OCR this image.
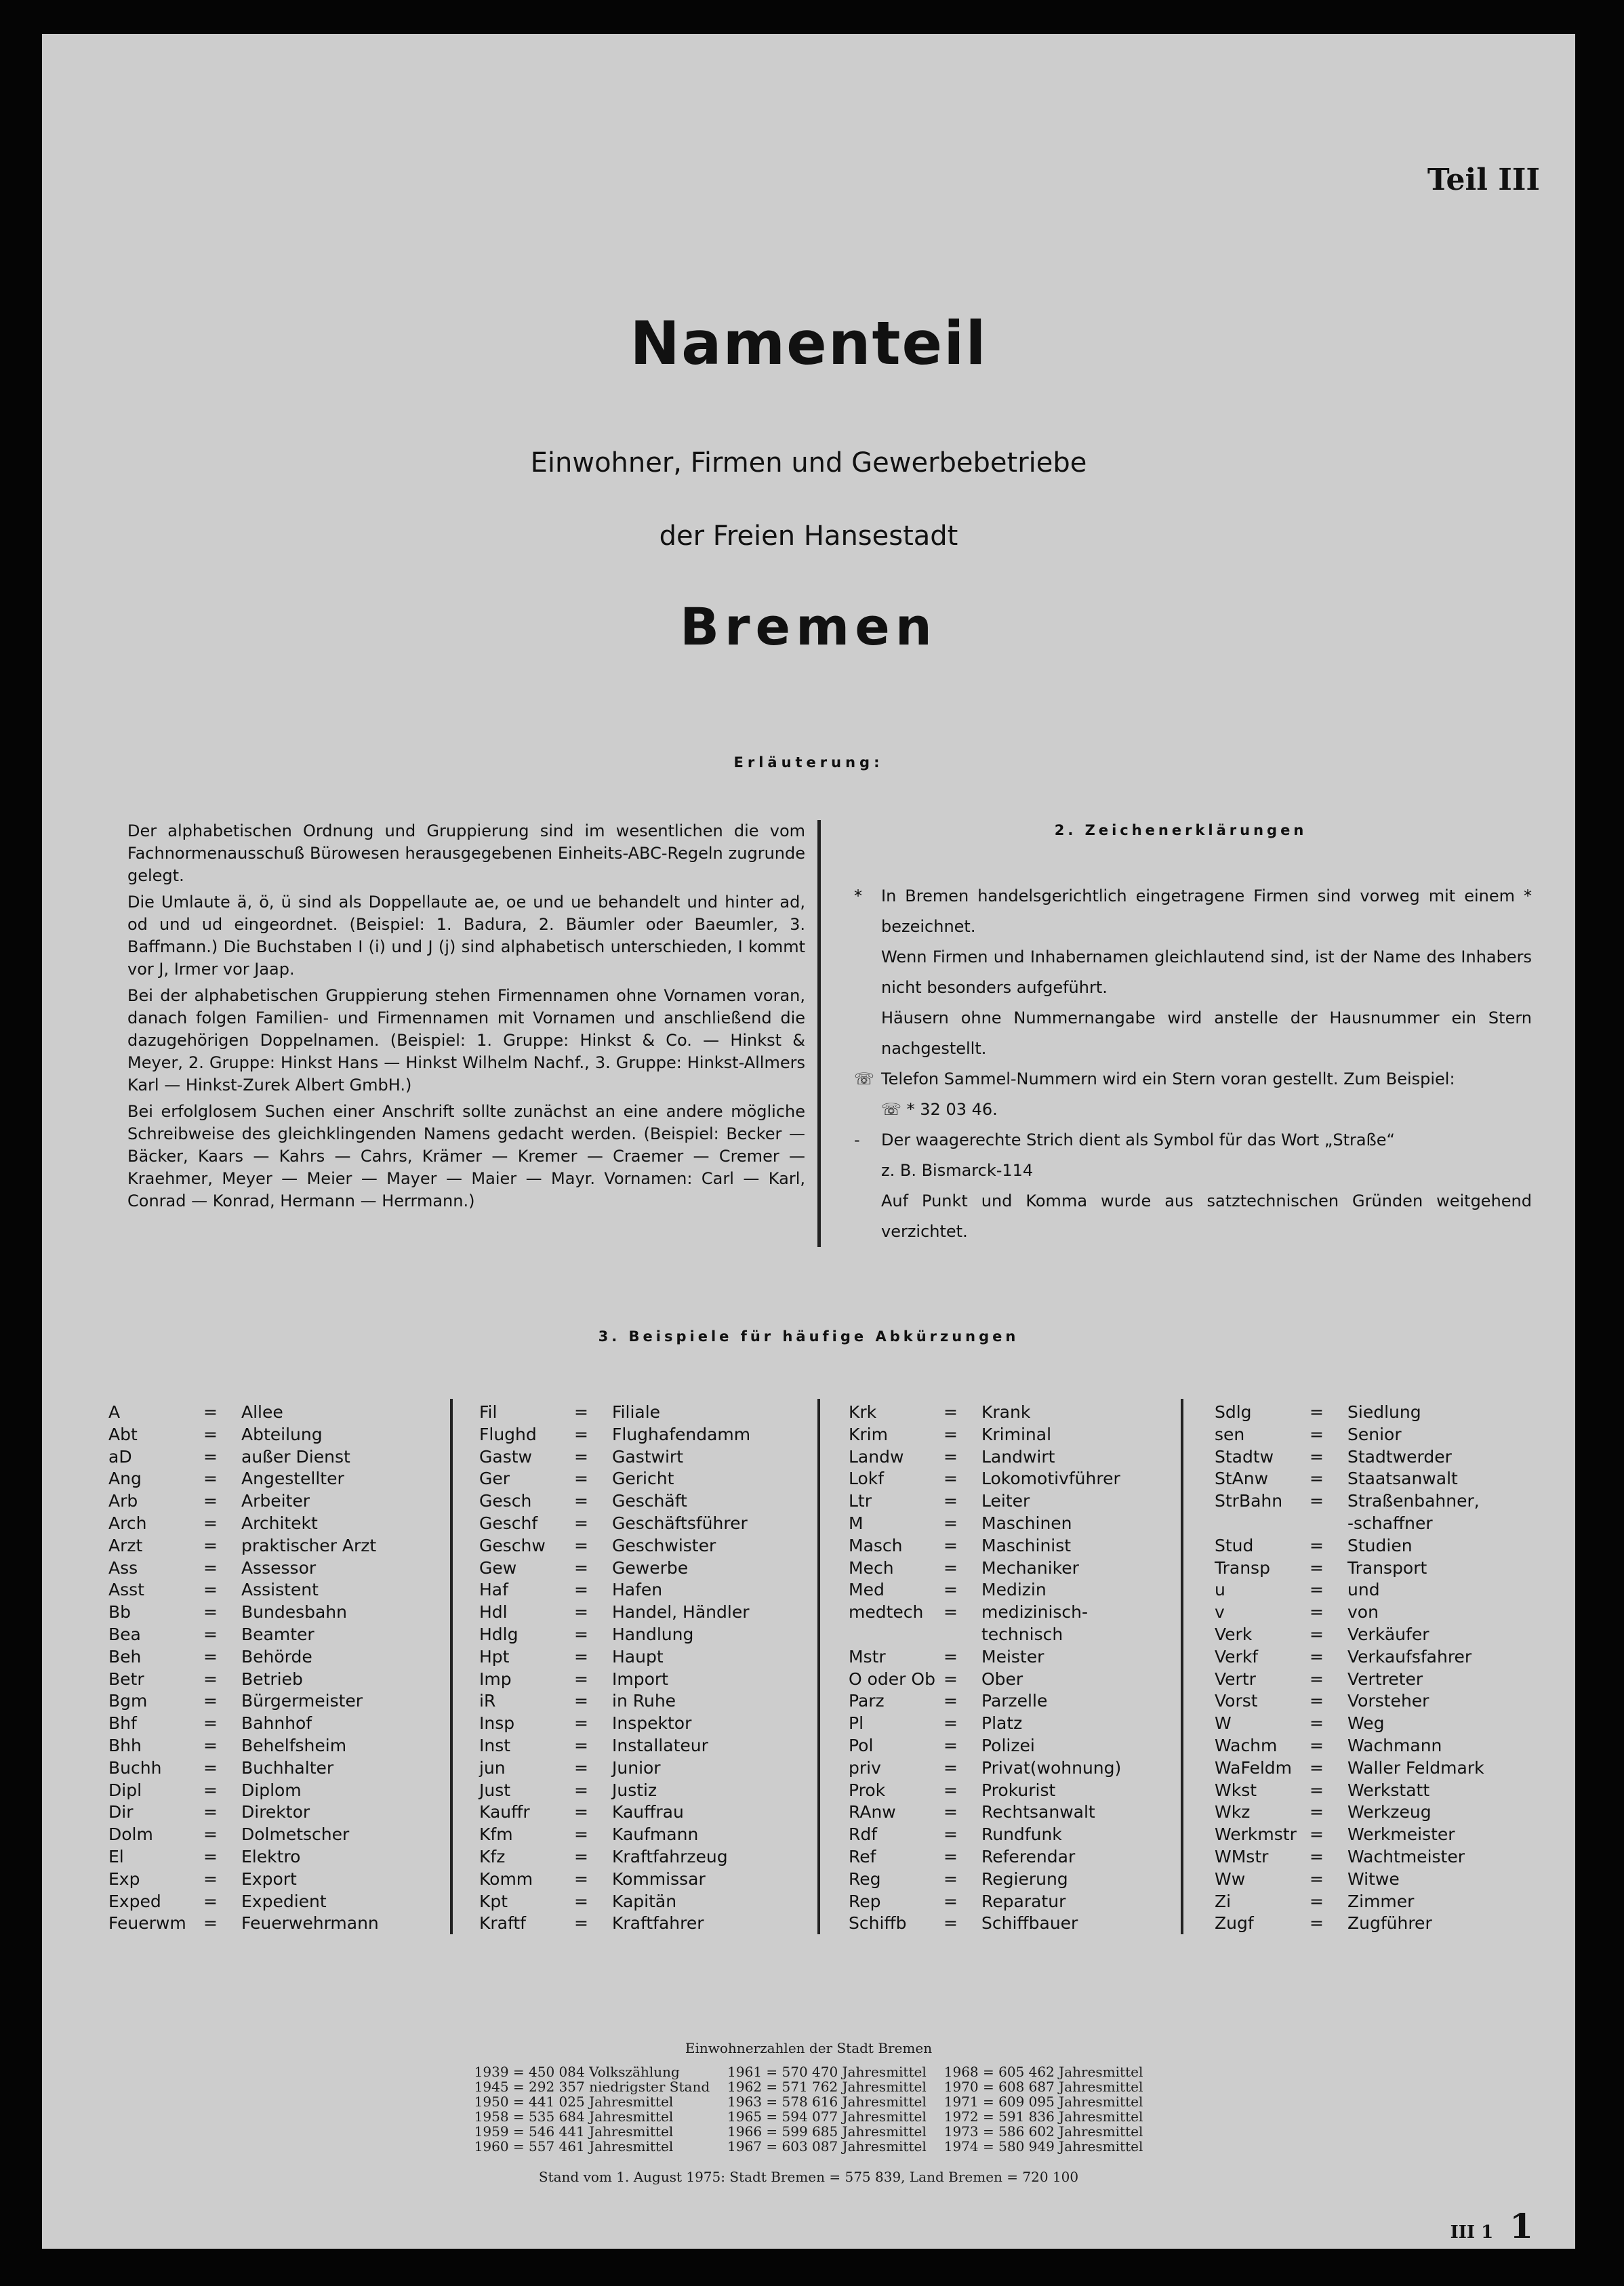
Teil III
Namenteil
Einwohner, Firmen und Gewerbebetriebe
der Freien Hansestadt
Bremen
Erläuterung:

Der alphabetischen Ordnung und Gruppierung sind im wesentlichen die vom Fachnormenausschuß Bürowesen herausgegebenen Einheits-ABC-Regeln zugrunde gelegt.

Die Umlaute ä, ö, ü sind als Doppellaute ae, oe und ue behandelt und hinter ad, od und ud eingeordnet. (Beispiel: 1. Badura, 2. Bäumler oder Baeumler, 3. Baffmann.) Die Buchstaben I (i) und J (j) sind alphabetisch unterschieden, I kommt vor J, Irmer vor Jaap.

Bei der alphabetischen Gruppierung stehen Firmennamen ohne Vornamen voran, danach folgen Familien- und Firmennamen mit Vornamen und anschließend die dazugehörigen Doppelnamen. (Beispiel: 1. Gruppe: Hinkst & Co. — Hinkst & Meyer, 2. Gruppe: Hinkst Hans — Hinkst Wilhelm Nachf., 3. Gruppe: Hinkst-Allmers Karl — Hinkst-Zurek Albert GmbH.)

Bei erfolglosem Suchen einer Anschrift sollte zunächst an eine andere mögliche Schreibweise des gleichklingenden Namens gedacht werden. (Beispiel: Becker — Bäcker, Kaars — Kahrs — Cahrs, Krämer — Kremer — Craemer — Cremer — Kraehmer, Meyer — Meier — Mayer — Maier — Mayr. Vornamen: Carl — Karl, Conrad — Konrad, Hermann — Herrmann.)

2. Zeichenerklärungen
*	In Bremen handelsgerichtlich eingetragene Firmen sind vorweg mit einem * bezeichnet.
Wenn Firmen und Inhabernamen gleichlautend sind, ist der Name des Inhabers nicht besonders aufgeführt.
Häusern ohne Nummernangabe wird anstelle der Hausnummer ein Stern nachgestellt.
☏ Telefon Sammel-Nummern wird ein Stern voran gestellt. Zum Beispiel:
☏ * 32 03 46.
-	Der waagerechte Strich dient als Symbol für das Wort „Straße“
z. B. Bismarck-114
Auf Punkt und Komma wurde aus satztechnischen Gründen weitgehend verzichtet.
3. Beispiele für häufige Abkürzungen
A	=	Allee
Abt	=	Abteilung
aD	=	außer Dienst
Ang	=	Angestellter
Arb	=	Arbeiter
Arch	=	Architekt
Arzt	=	praktischer Arzt
Ass	=	Assessor
Asst	=	Assistent
Bb	=	Bundesbahn
Bea	=	Beamter
Beh	=	Behörde
Betr	=	Betrieb
Bgm	=	Bürgermeister
Bhf	=	Bahnhof
Bhh	=	Behelfsheim
Buchh	=	Buchhalter
Dipl	=	Diplom
Dir	=	Direktor
Dolm	=	Dolmetscher
El	=	Elektro
Exp	=	Export
Exped	=	Expedient
Feuerwm	=	Feuerwehrmann
Fil	=	Filiale
Flughd	=	Flughafendamm
Gastw	=	Gastwirt
Ger	=	Gericht
Gesch	=	Geschäft
Geschf	=	Geschäftsführer
Geschw	=	Geschwister
Gew	=	Gewerbe
Haf	=	Hafen
Hdl	=	Handel, Händler
Hdlg	=	Handlung
Hpt	=	Haupt
Imp	=	Import
iR	=	in Ruhe
Insp	=	Inspektor
Inst	=	Installateur
jun	=	Junior
Just	=	Justiz
Kauffr	=	Kauffrau
Kfm	=	Kaufmann
Kfz	=	Kraftfahrzeug
Komm	=	Kommissar
Kpt	=	Kapitän
Kraftf	=	Kraftfahrer
Krk	=	Krank
Krim	=	Kriminal
Landw	=	Landwirt
Lokf	=	Lokomotivführer
Ltr	=	Leiter
M	=	Maschinen
Masch	=	Maschinist
Mech	=	Mechaniker
Med	=	Medizin
medtech	=	medizinisch-
technisch
Mstr	=	Meister
O oder Ob =	Ober
Parz	=	Parzelle
Pl	=	Platz
Pol	=	Polizei
priv	=	Privat(wohnung)
Prok	=	Prokurist
RAnw	=	Rechtsanwalt
Rdf	=	Rundfunk
Ref	=	Referendar
Reg	=	Regierung
Rep	=	Reparatur
Schiffb	=	Schiffbauer
Sdlg	=	Siedlung
sen	=	Senior
Stadtw	=	Stadtwerder
StAnw	=	Staatsanwalt
StrBahn	=	Straßenbahner,
-schaffner
Stud	=	Studien
Transp	=	Transport
u	=	und
v	=	von
Verk	=	Verkäufer
Verkf	=	Verkaufsfahrer
Vertr	=	Vertreter
Vorst	=	Vorsteher
W	=	Weg
Wachm	=	Wachmann
WaFeldm	=	Waller Feldmark
Wkst	=	Werkstatt
Wkz	=	Werkzeug
Werkmstr =	Werkmeister
WMstr	=	Wachtmeister
Ww	=	Witwe
Zi	=	Zimmer
Zugf	=	Zugführer
Einwohnerzahlen der Stadt Bremen
1939 = 450 084 Volkszählung
1945 = 292 357 niedrigster Stand
1950 = 441 025 Jahresmittel
1958 = 535 684 Jahresmittel
1959 = 546 441 Jahresmittel
1960 = 557 461 Jahresmittel
1961 = 570 470 Jahresmittel
1962 = 571 762 Jahresmittel
1963 = 578 616 Jahresmittel
1965 = 594 077 Jahresmittel
1966 = 599 685 Jahresmittel
1967 = 603 087 Jahresmittel
1968 = 605 462 Jahresmittel
1970 = 608 687 Jahresmittel
1971 = 609 095 Jahresmittel
1972 = 591 836 Jahresmittel
1973 = 586 602 Jahresmittel
1974 = 580 949 Jahresmittel
Stand vom 1. August 1975: Stadt Bremen = 575 839, Land Bremen = 720 100
III 1 1
